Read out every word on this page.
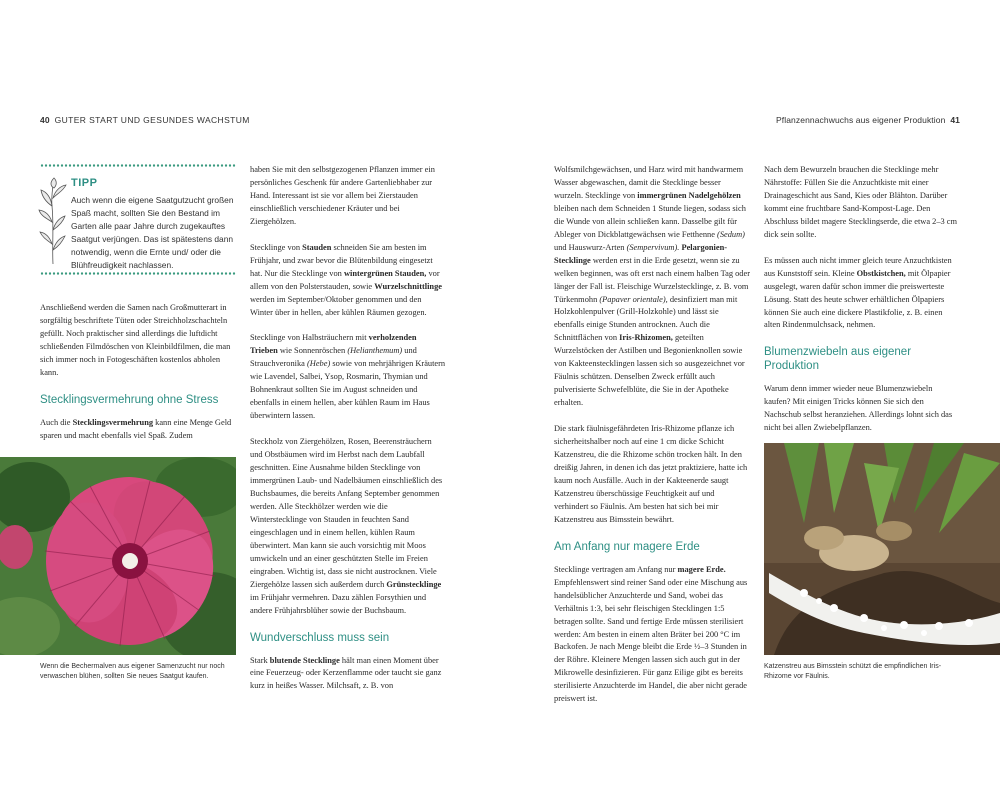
40 GUTER START UND GESUNDES WACHSTUM	Pflanzennachwuchs aus eigener Produktion 41
TIPP
Auch wenn die eigene Saatgutzucht großen Spaß macht, sollten Sie den Bestand im Garten alle paar Jahre durch zugekauftes Saatgut verjüngen. Das ist spätestens dann notwendig, wenn die Ernte und/ oder die Blühfreudigkeit nachlassen.

Anschließend werden die Samen nach Großmutterart in sorgfältig beschriftete Tüten oder Streichholzschachteln gefüllt. Noch praktischer sind allerdings die luftdicht schließenden Filmdöschen von Kleinbildfilmen, die man sich immer noch in Fotogeschäften kostenlos abholen kann.

Stecklingsvermehrung ohne Stress

Auch die Stecklingsvermehrung kann eine Menge Geld sparen und macht ebenfalls viel Spaß. Zudem

Wenn die Bechermalven aus eigener Samenzucht nur noch verwaschen blühen, sollten Sie neues Saatgut kaufen.

haben Sie mit den selbstgezogenen Pflanzen immer ein persönliches Geschenk für andere Gartenliebhaber zur Hand. Interessant ist sie vor allem bei Zierstauden einschließlich verschiedener Kräuter und bei Ziergehölzen.

Stecklinge von Stauden schneiden Sie am besten im Frühjahr, und zwar bevor die Blütenbildung eingesetzt hat. Nur die Stecklinge von wintergrünen Stauden, vor allem von den Polsterstauden, sowie Wurzelschnittlinge werden im September/Oktober genommen und den Winter über in hellen, aber kühlen Räumen gezogen.

Stecklinge von Halbsträuchern mit verholzenden Trieben wie Sonnenröschen (Helianthemum) und Strauchveronika (Hebe) sowie von mehrjährigen Kräutern wie Lavendel, Salbei, Ysop, Rosmarin, Thymian und Bohnenkraut sollten Sie im August schneiden und ebenfalls in einem hellen, aber kühlen Raum im Haus überwintern lassen.

Steckholz von Ziergehölzen, Rosen, Beerensträuchern und Obstbäumen wird im Herbst nach dem Laubfall geschnitten. Eine Ausnahme bilden Stecklinge von immergrünen Laub- und Nadelbäumen einschließlich des Buchsbaumes, die bereits Anfang September genommen werden. Alle Steckhölzer werden wie die Winterstecklinge von Stauden in feuchten Sand eingeschlagen und in einem hellen, kühlen Raum überwintert. Man kann sie auch vorsichtig mit Moos umwickeln und an einer geschützten Stelle im Freien eingraben. Wichtig ist, dass sie nicht austrocknen. Viele Ziergehölze lassen sich außerdem durch Grünstecklinge im Frühjahr vermehren. Dazu zählen Forsythien und andere Frühjahrsblüher sowie der Buchsbaum.

Wundverschluss muss sein

Stark blutende Stecklinge hält man einen Moment über eine Feuerzeug- oder Kerzenflamme oder taucht sie ganz kurz in heißes Wasser. Milchsaft, z. B. von

Wolfsmilchgewächsen, und Harz wird mit handwarmem Wasser abgewaschen, damit die Stecklinge besser wurzeln. Stecklinge von immergrünen Nadelgehölzen bleiben nach dem Schneiden 1 Stunde liegen, sodass sich die Wunde von allein schließen kann. Dasselbe gilt für Ableger von Dickblattgewächsen wie Fetthenne (Sedum) und Hauswurz-Arten (Sempervivum). Pelargonien-Stecklinge werden erst in die Erde gesetzt, wenn sie zu welken beginnen, was oft erst nach einem halben Tag oder länger der Fall ist. Fleischige Wurzelstecklinge, z. B. vom Türkenmohn (Papaver orientale), desinfiziert man mit Holzkohlenpulver (Grill-Holzkohle) und lässt sie ebenfalls einige Stunden antrocknen. Auch die Schnittflächen von Iris-Rhizomen, geteilten Wurzelstöcken der Astilben und Begonienknollen sowie von Kakteenstecklingen lassen sich so ausgezeichnet vor Fäulnis schützen. Denselben Zweck erfüllt auch pulverisierte Schwefelblüte, die Sie in der Apotheke erhalten.

Die stark fäulnisgefährdeten Iris-Rhizome pflanze ich sicherheitshalber noch auf eine 1 cm dicke Schicht Katzenstreu, die die Rhizome schön trocken hält. In den dreißig Jahren, in denen ich das jetzt praktiziere, hatte ich kaum noch Ausfälle. Auch in der Kakteenerde saugt Katzenstreu überschüssige Feuchtigkeit auf und verhindert so Fäulnis. Am besten hat sich bei mir Katzenstreu aus Bimsstein bewährt.

Am Anfang nur magere Erde

Stecklinge vertragen am Anfang nur magere Erde. Empfehlenswert sind reiner Sand oder eine Mischung aus handelsüblicher Anzuchterde und Sand, wobei das Verhältnis 1:3, bei sehr fleischigen Stecklingen 1:5 betragen sollte. Sand und fertige Erde müssen sterilisiert werden: Am besten in einem alten Bräter bei 200 °C im Backofen. Je nach Menge bleibt die Erde ½–3 Stunden in der Röhre. Kleinere Mengen lassen sich auch gut in der Mikrowelle desinfizieren. Für ganz Eilige gibt es bereits sterilisierte Anzuchterde im Handel, die aber nicht gerade preiswert ist.

Nach dem Bewurzeln brauchen die Stecklinge mehr Nährstoffe: Füllen Sie die Anzuchtkiste mit einer Drainageschicht aus Sand, Kies oder Blähton. Darüber kommt eine fruchtbare Sand-Kompost-Lage. Den Abschluss bildet magere Stecklingserde, die etwa 2–3 cm dick sein sollte.

Es müssen auch nicht immer gleich teure Anzuchtkisten aus Kunststoff sein. Kleine Obstkistchen, mit Ölpapier ausgelegt, waren dafür schon immer die preiswerteste Lösung. Statt des heute schwer erhältlichen Ölpapiers können Sie auch eine dickere Plastikfolie, z. B. einen alten Rindenmulchsack, nehmen.

Blumenzwiebeln aus eigener Produktion

Warum denn immer wieder neue Blumenzwiebeln kaufen? Mit einigen Tricks können Sie sich den Nachschub selbst heranziehen. Allerdings lohnt sich das nicht bei allen Zwiebelpflanzen.

Katzenstreu aus Bimsstein schützt die empfindlichen Iris-Rhizome vor Fäulnis.
